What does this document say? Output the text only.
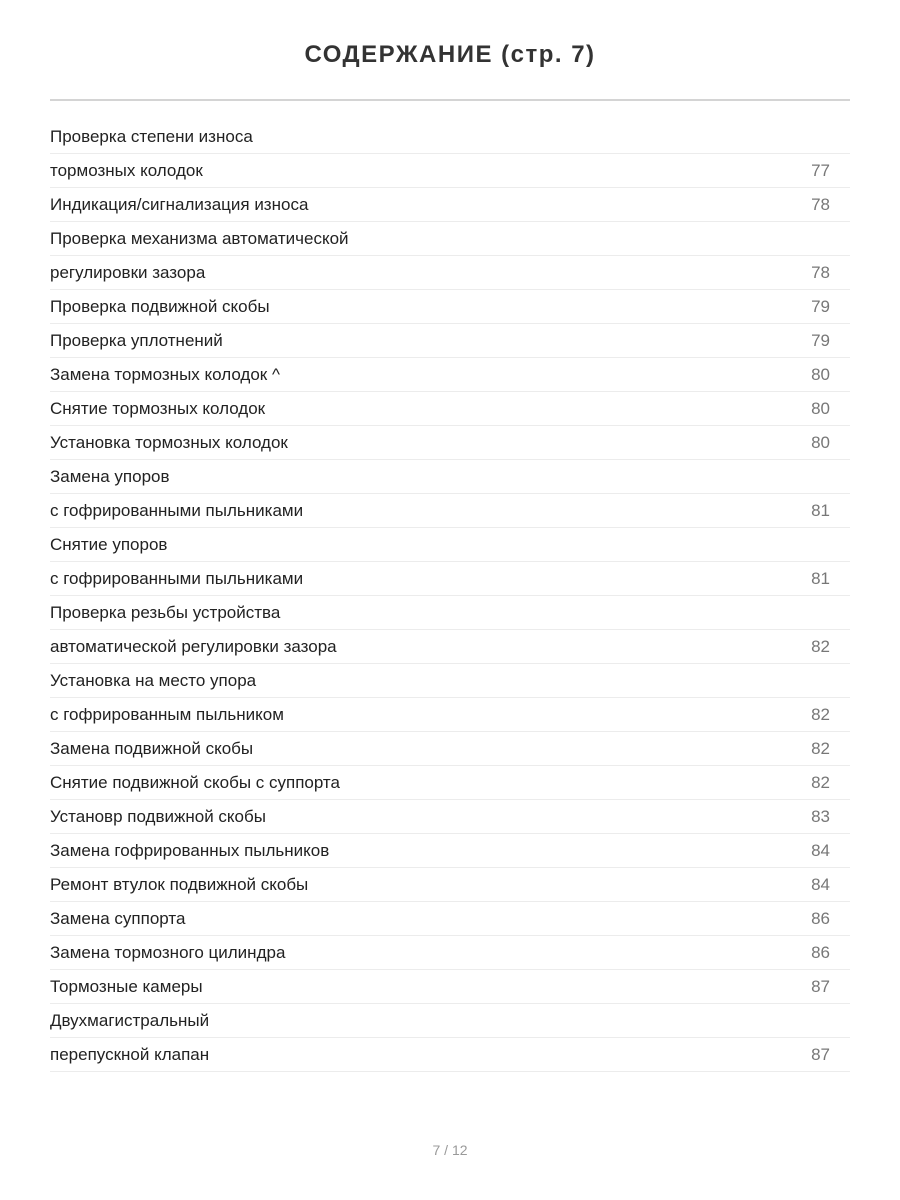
СОДЕРЖАНИЕ (стр. 7)
Проверка степени износа
тормозных колодок	77
Индикация/сигнализация износа	78
Проверка механизма автоматической
регулировки зазора	78
Проверка подвижной скобы	79
Проверка уплотнений	79
Замена тормозных колодок ^	80
Снятие тормозных колодок	80
Установка тормозных колодок	80
Замена упоров
с гофрированными пыльниками	81
Снятие упоров
с гофрированными пыльниками	81
Проверка резьбы устройства
автоматической регулировки зазора	82
Установка на место упора
с гофрированным пыльником	82
Замена подвижной скобы	82
Снятие подвижной скобы с суппорта	82
Установр подвижной скобы	83
Замена гофрированных пыльников	84
Ремонт втулок подвижной скобы	84
Замена суппорта	86
Замена тормозного цилиндра	86
Тормозные камеры	87
Двухмагистральный
перепускной клапан	87
7 / 12
